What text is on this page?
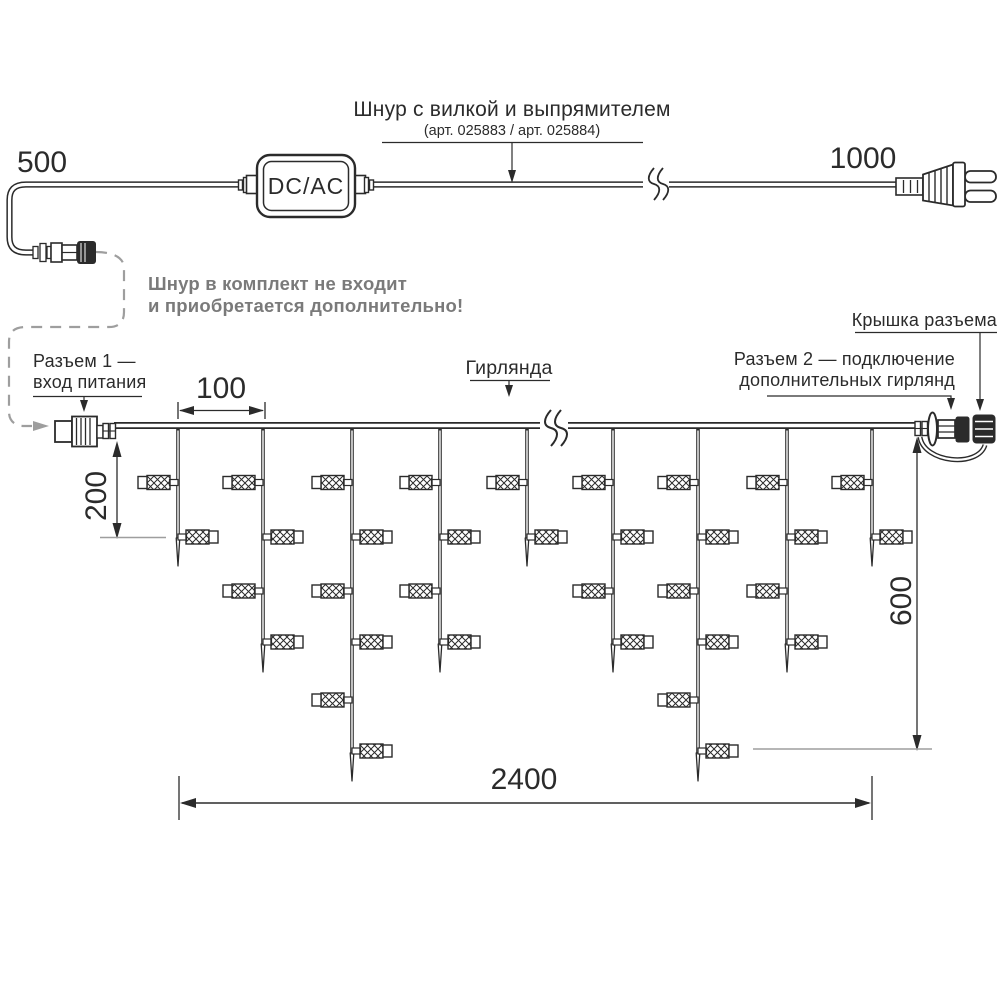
DC/AC
500	1000
Шнур с вилкой и выпрямителем
(арт. 025883 / арт. 025884)
Шнур в комплект не входит
и приобретается дополнительно!
Разъем 1 —
вход питания
Гирлянда
Крышка разъема
Разъем 2 — подключение
дополнительных гирлянд
100
200
600
2400
